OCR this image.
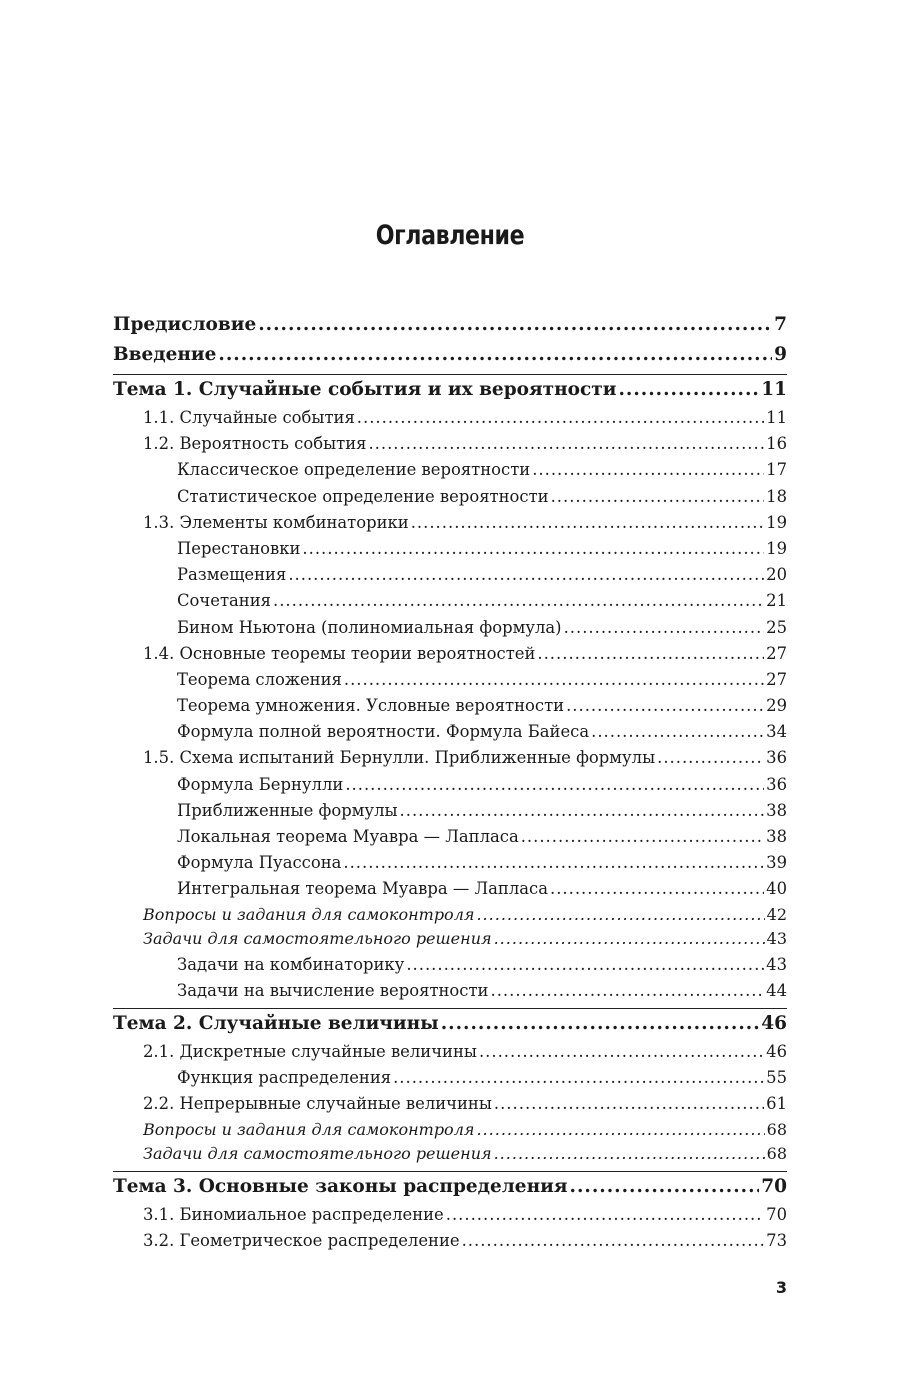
Оглавление
Предисловие .....	7
Введение .....	9
Тема 1. Случайные события и их вероятности .....	11
1.1. Случайные события .....	11
1.2. Вероятность события .....	16
Классическое определение вероятности .....	17
Статистическое определение вероятности .....	18
1.3. Элементы комбинаторики .....	19
Перестановки .....	19
Размещения .....	20
Сочетания .....	21
Бином Ньютона (полиномиальная формула) .....	25
1.4. Основные теоремы теории вероятностей .....	27
Теорема сложения .....	27
Теорема умножения. Условные вероятности .....	29
Формула полной вероятности. Формула Байеса .....	34
1.5. Схема испытаний Бернулли. Приближенные формулы .....	36
Формула Бернулли .....	36
Приближенные формулы .....	38
Локальная теорема Муавра — Лапласа .....	38
Формула Пуассона .....	39
Интегральная теорема Муавра — Лапласа .....	40
Вопросы и задания для самоконтроля .....	42
Задачи для самостоятельного решения .....	43
Задачи на комбинаторику .....	43
Задачи на вычисление вероятности .....	44
Тема 2. Случайные величины .....	46
2.1. Дискретные случайные величины .....	46
Функция распределения .....	55
2.2. Непрерывные случайные величины .....	61
Вопросы и задания для самоконтроля .....	68
Задачи для самостоятельного решения .....	68
Тема 3. Основные законы распределения .....	70
3.1. Биномиальное распределение .....	70
3.2. Геометрическое распределение .....	73
3
